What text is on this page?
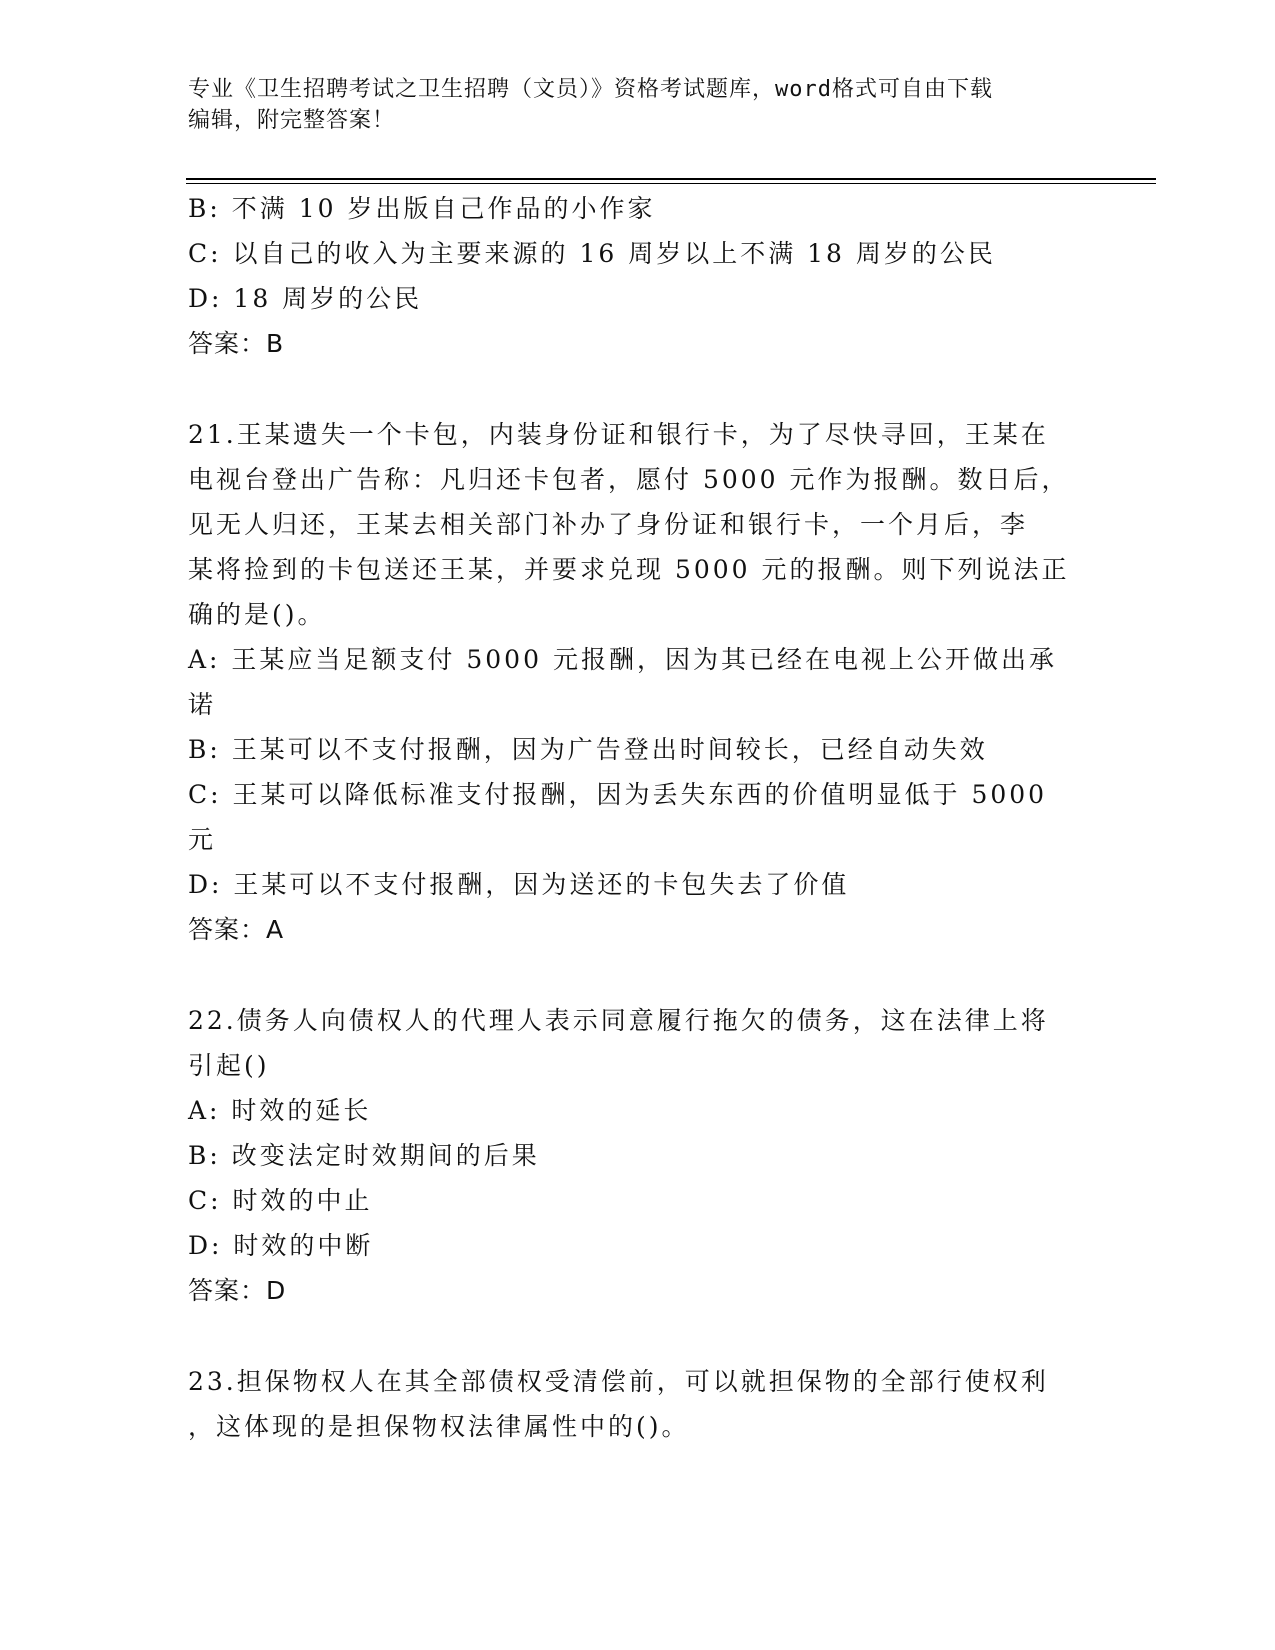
专业《卫生招聘考试之卫生招聘（文员）》资格考试题库，word格式可自由下载
编辑，附完整答案！
B: 不满 10 岁出版自己作品的小作家
C: 以自己的收入为主要来源的 16 周岁以上不满 18 周岁的公民
D: 18 周岁的公民
答案：B
21.王某遗失一个卡包，内装身份证和银行卡，为了尽快寻回，王某在
电视台登出广告称：凡归还卡包者，愿付 5000 元作为报酬。数日后，
见无人归还，王某去相关部门补办了身份证和银行卡，一个月后，李
某将捡到的卡包送还王某，并要求兑现 5000 元的报酬。则下列说法正
确的是()。
A: 王某应当足额支付 5000 元报酬，因为其已经在电视上公开做出承
诺
B: 王某可以不支付报酬，因为广告登出时间较长，已经自动失效
C: 王某可以降低标准支付报酬，因为丢失东西的价值明显低于 5000
元
D: 王某可以不支付报酬，因为送还的卡包失去了价值
答案：A
22.债务人向债权人的代理人表示同意履行拖欠的债务，这在法律上将
引起()
A: 时效的延长
B: 改变法定时效期间的后果
C: 时效的中止
D: 时效的中断
答案：D
23.担保物权人在其全部债权受清偿前，可以就担保物的全部行使权利
，这体现的是担保物权法律属性中的()。
